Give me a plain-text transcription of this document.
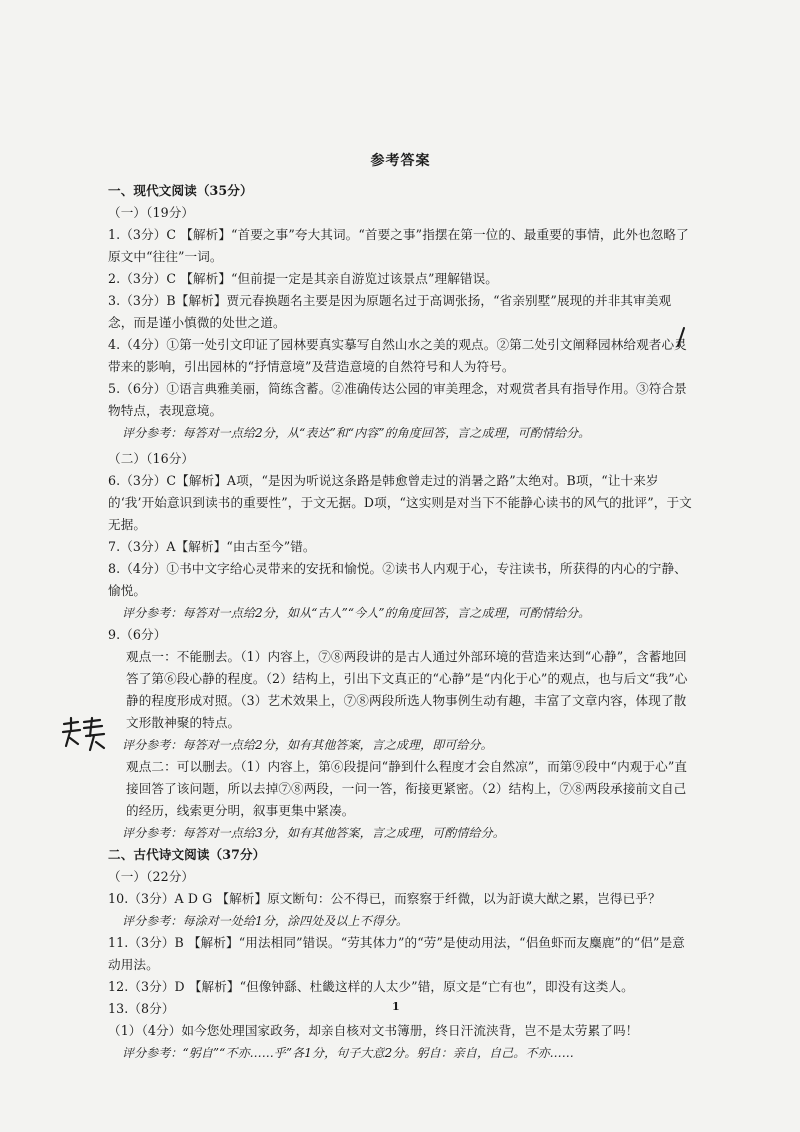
参考答案
一、现代文阅读（35分）
（一）（19分）

1.（3分）C 【解析】“首要之事”夸大其词。“首要之事”指摆在第一位的、最重要的事情，此外也忽略了原文中“往往”一词。

2.（3分）C 【解析】“但前提一定是其亲自游览过该景点”理解错误。

3.（3分）B【解析】贾元春换题名主要是因为原题名过于高调张扬，“省亲别墅”展现的并非其审美观念，而是谨小慎微的处世之道。

4.（4分）①第一处引文印证了园林要真实摹写自然山水之美的观点。②第二处引文阐释园林给观者心灵带来的影响，引出园林的“抒情意境”及营造意境的自然符号和人为符号。

5.（6分）①语言典雅美丽，简练含蓄。②准确传达公园的审美理念，对观赏者具有指导作用。③符合景物特点，表现意境。

评分参考：每答对一点给2分，从“表达”和“内容”的角度回答，言之成理，可酌情给分。

（二）（16分）

6.（3分）C【解析】A项，“是因为听说这条路是韩愈曾走过的消暑之路”太绝对。B项，“让十来岁的‘我’开始意识到读书的重要性”，于文无据。D项，“这实则是对当下不能静心读书的风气的批评”，于文无据。

7.（3分）A【解析】“由古至今”错。

8.（4分）①书中文字给心灵带来的安抚和愉悦。②读书人内观于心，专注读书，所获得的内心的宁静、愉悦。

评分参考：每答对一点给2分，如从“古人”“今人”的角度回答，言之成理，可酌情给分。

9.（6分）

观点一：不能删去。（1）内容上，⑦⑧两段讲的是古人通过外部环境的营造来达到“心静”，含蓄地回答了第⑥段心静的程度。（2）结构上，引出下文真正的“心静”是“内化于心”的观点，也与后文“我”心静的程度形成对照。（3）艺术效果上，⑦⑧两段所选人物事例生动有趣，丰富了文章内容，体现了散文形散神聚的特点。

评分参考：每答对一点给2分，如有其他答案，言之成理，即可给分。

观点二：可以删去。（1）内容上，第⑥段提问“静到什么程度才会自然凉”，而第⑨段中“内观于心”直接回答了该问题，所以去掉⑦⑧两段，一问一答，衔接更紧密。（2）结构上，⑦⑧两段承接前文自己的经历，线索更分明，叙事更集中紧凑。

评分参考：每答对一点给3分，如有其他答案，言之成理，可酌情给分。

二、古代诗文阅读（37分）
（一）（22分）

10.（3分）A D G 【解析】原文断句：公不得已，而察察于纤微，以为訏谟大猷之累，岂得已乎？

评分参考：每涂对一处给1分，涂四处及以上不得分。

11.（3分）B 【解析】“用法相同”错误。“劳其体力”的“劳”是使动用法，“侣鱼虾而友麋鹿”的“侣”是意动用法。

12.（3分）D 【解析】“但像钟繇、杜畿这样的人太少”错，原文是“亡有也”，即没有这类人。

13.（8分）

（1）（4分）如今您处理国家政务，却亲自核对文书簿册，终日汗流浃背，岂不是太劳累了吗！

评分参考：“躬自”“不亦……乎”各1分，句子大意2分。躬自：亲自，自己。不亦……

1
